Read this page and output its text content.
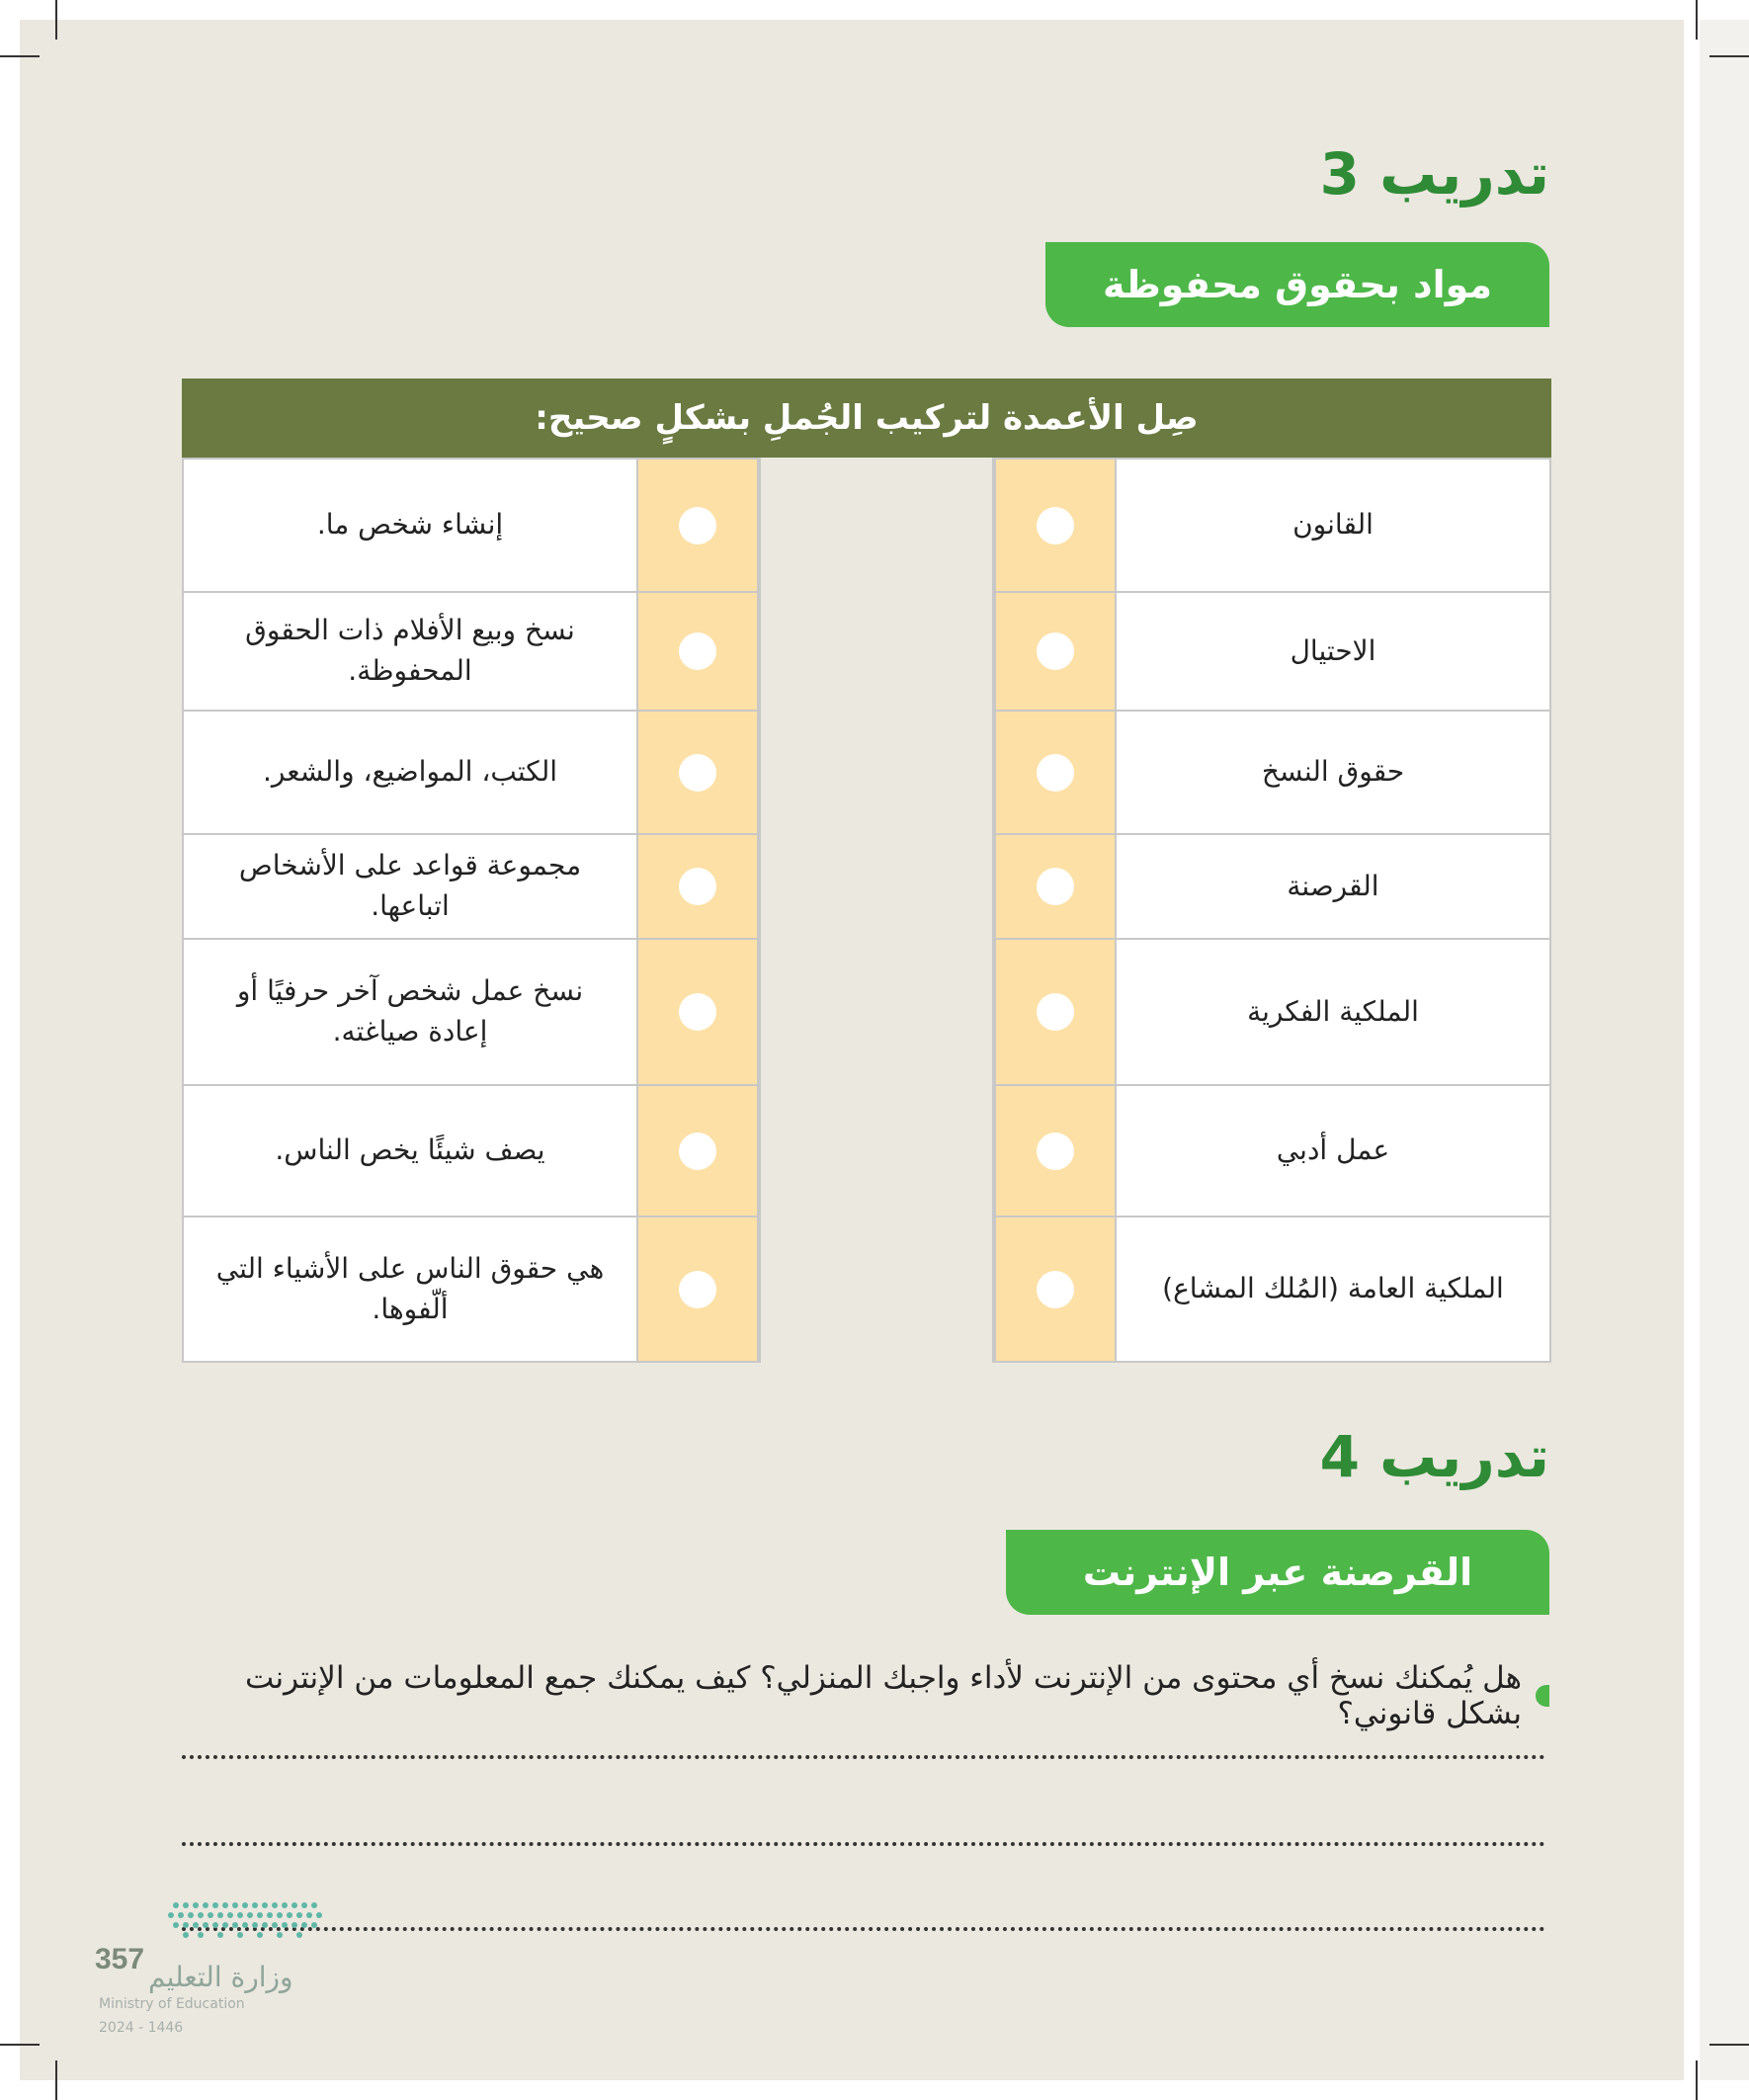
تدريب 3
مواد بحقوق محفوظة
صِل الأعمدة لتركيب الجُملِ بشكلٍ صحيح:
إنشاء شخص ما.
نسخ وبيع الأفلام ذات الحقوق المحفوظة.
الكتب، المواضيع، والشعر.
مجموعة قواعد على الأشخاص اتباعها.
نسخ عمل شخص آخر حرفيًا أو إعادة صياغته.
يصف شيئًا يخص الناس.
هي حقوق الناس على الأشياء التي ألّفوها.
القانون
الاحتيال
حقوق النسخ
القرصنة
الملكية الفكرية
عمل أدبي
الملكية العامة (المُلك المشاع)
تدريب 4
القرصنة عبر الإنترنت
هل يُمكنك نسخ أي محتوى من الإنترنت لأداء واجبك المنزلي؟ كيف يمكنك جمع المعلومات من الإنترنت بشكل قانوني؟
357
وزارة التعليم
Ministry of Education
2024 - 1446
